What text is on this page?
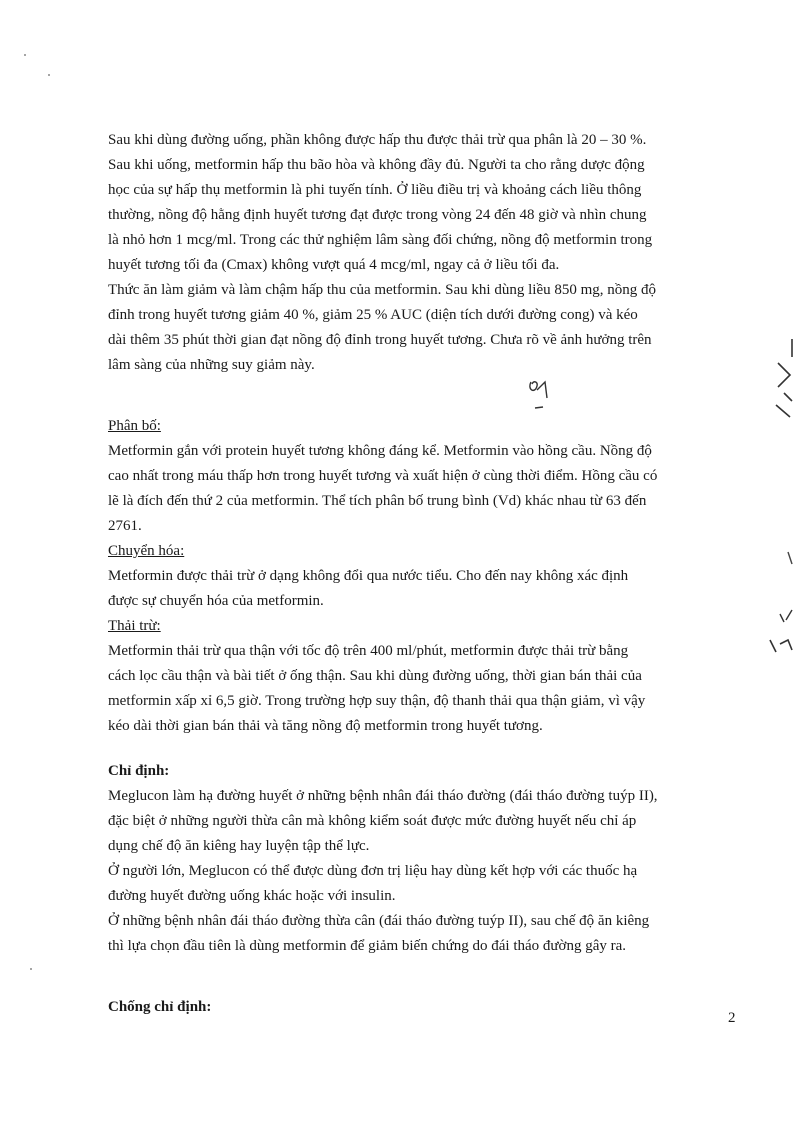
Sau khi dùng đường uống, phần không được hấp thu được thải trừ qua phân là 20 – 30 %.
Sau khi uống, metformin hấp thu bão hòa và không đầy đủ. Người ta cho rằng dược động
học của sự hấp thụ metformin là phi tuyến tính. Ở liều điều trị và khoảng cách liều thông
thường, nồng độ hằng định huyết tương đạt được trong vòng 24 đến 48 giờ và nhìn chung
là nhỏ hơn 1 mcg/ml. Trong các thử nghiệm lâm sàng đối chứng, nồng độ metformin trong
huyết tương tối đa (Cmax) không vượt quá 4 mcg/ml, ngay cả ở liều tối đa.
Thức ăn làm giảm và làm chậm hấp thu của metformin. Sau khi dùng liều 850 mg, nồng độ
đỉnh trong huyết tương giảm 40 %, giảm 25 % AUC (diện tích dưới đường cong) và kéo
dài thêm 35 phút thời gian đạt nồng độ đỉnh trong huyết tương. Chưa rõ về ảnh hưởng trên
lâm sàng của những suy giảm này.

Phân bố:

Metformin gắn với protein huyết tương không đáng kể. Metformin vào hồng cầu. Nồng độ
cao nhất trong máu thấp hơn trong huyết tương và xuất hiện ở cùng thời điểm. Hồng cầu có
lẽ là đích đến thứ 2 của metformin. Thể tích phân bố trung bình (Vd) khác nhau từ 63 đến
2761.

Chuyển hóa:

Metformin được thải trừ ở dạng không đổi qua nước tiểu. Cho đến nay không xác định
được sự chuyển hóa của metformin.

Thải trừ:

Metformin thải trừ qua thận với tốc độ trên 400 ml/phút, metformin được thải trừ bằng
cách lọc cầu thận và bài tiết ở ống thận. Sau khi dùng đường uống, thời gian bán thải của
metformin xấp xỉ 6,5 giờ. Trong trường hợp suy thận, độ thanh thải qua thận giảm, vì vậy
kéo dài thời gian bán thải và tăng nồng độ metformin trong huyết tương.

Chỉ định:

Meglucon làm hạ đường huyết ở những bệnh nhân đái tháo đường (đái tháo đường tuýp II),
đặc biệt ở những người thừa cân mà không kiểm soát được mức đường huyết nếu chỉ áp
dụng chế độ ăn kiêng hay luyện tập thể lực.
Ở người lớn, Meglucon có thể được dùng đơn trị liệu hay dùng kết hợp với các thuốc hạ
đường huyết đường uống khác hoặc với insulin.
Ở những bệnh nhân đái tháo đường thừa cân (đái tháo đường tuýp II), sau chế độ ăn kiêng
thì lựa chọn đầu tiên là dùng metformin để giảm biến chứng do đái tháo đường gây ra.

Chống chỉ định:

2
